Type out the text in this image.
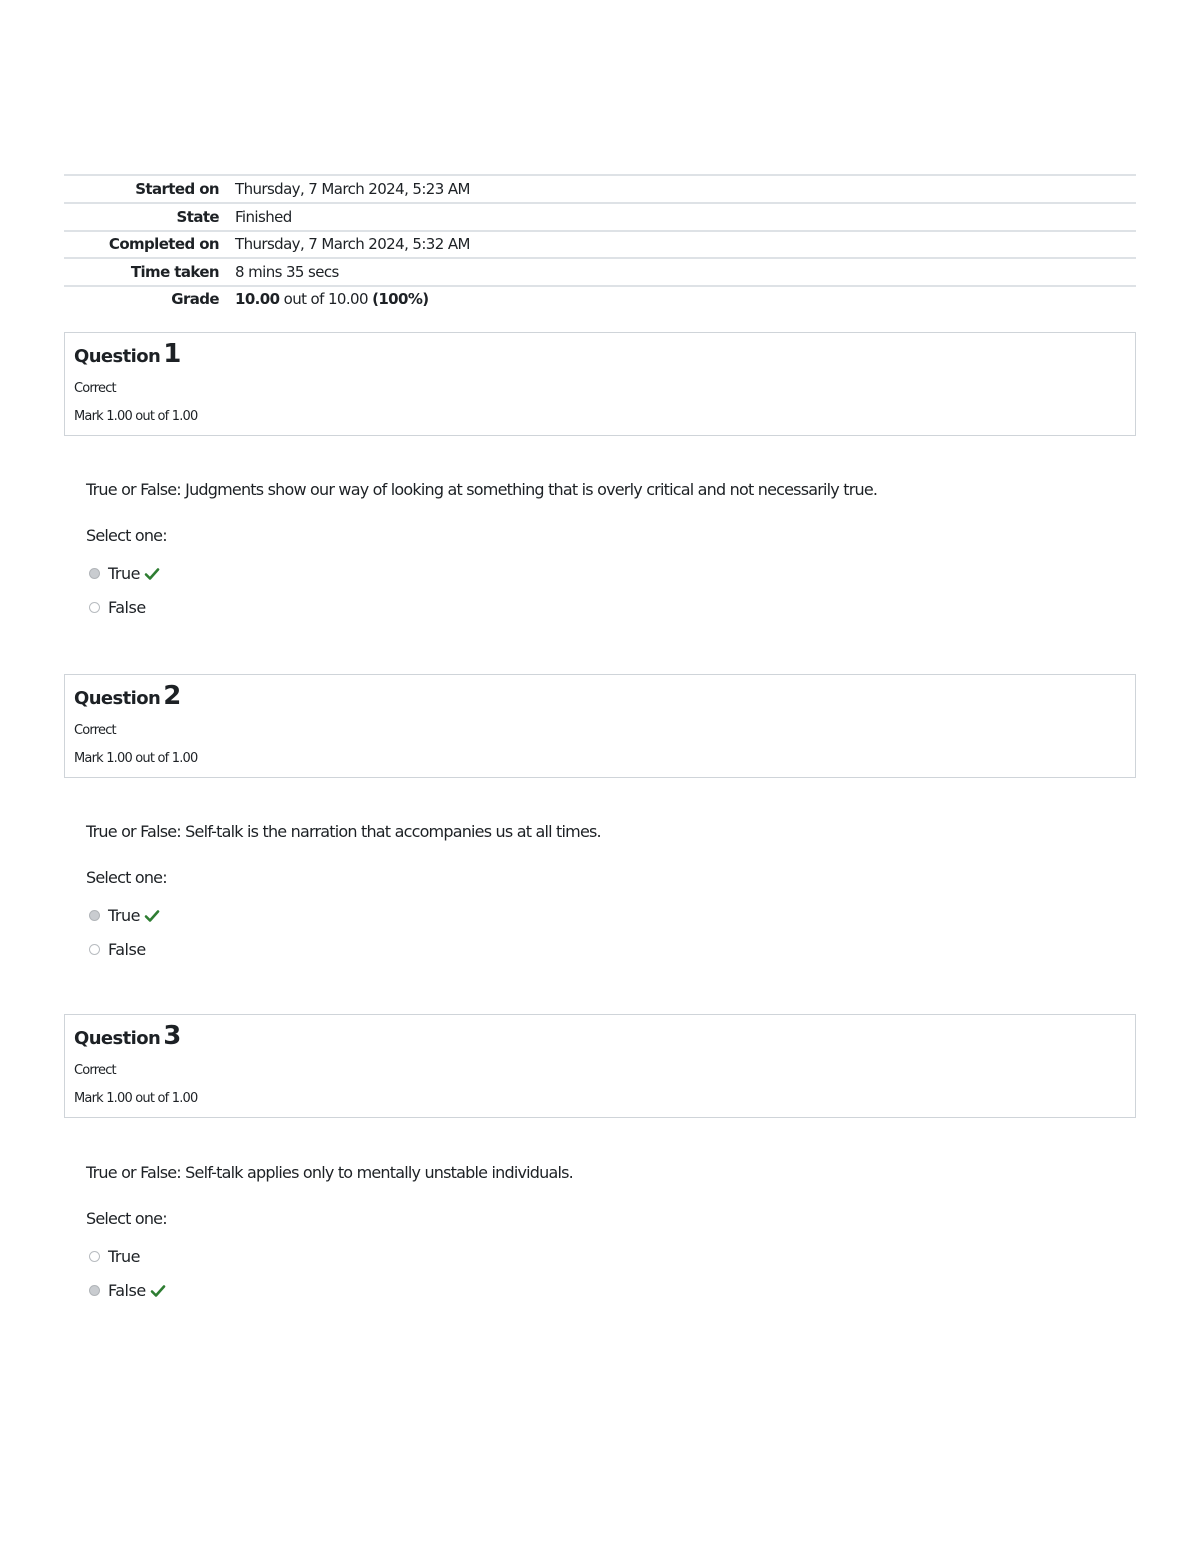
Started on Thursday, 7 March 2024, 5:23 AM
State Finished
Completed on Thursday, 7 March 2024, 5:32 AM
Time taken 8 mins 35 secs
Grade 10.00 out of 10.00 (100%)
Question 1
Correct
Mark 1.00 out of 1.00
True or False: Judgments show our way of looking at something that is overly critical and not necessarily true.
Select one:
True
False
Question 2
Correct
Mark 1.00 out of 1.00
True or False: Self-talk is the narration that accompanies us at all times.
Select one:
True
False
Question 3
Correct
Mark 1.00 out of 1.00
True or False: Self-talk applies only to mentally unstable individuals.
Select one:
True
False
